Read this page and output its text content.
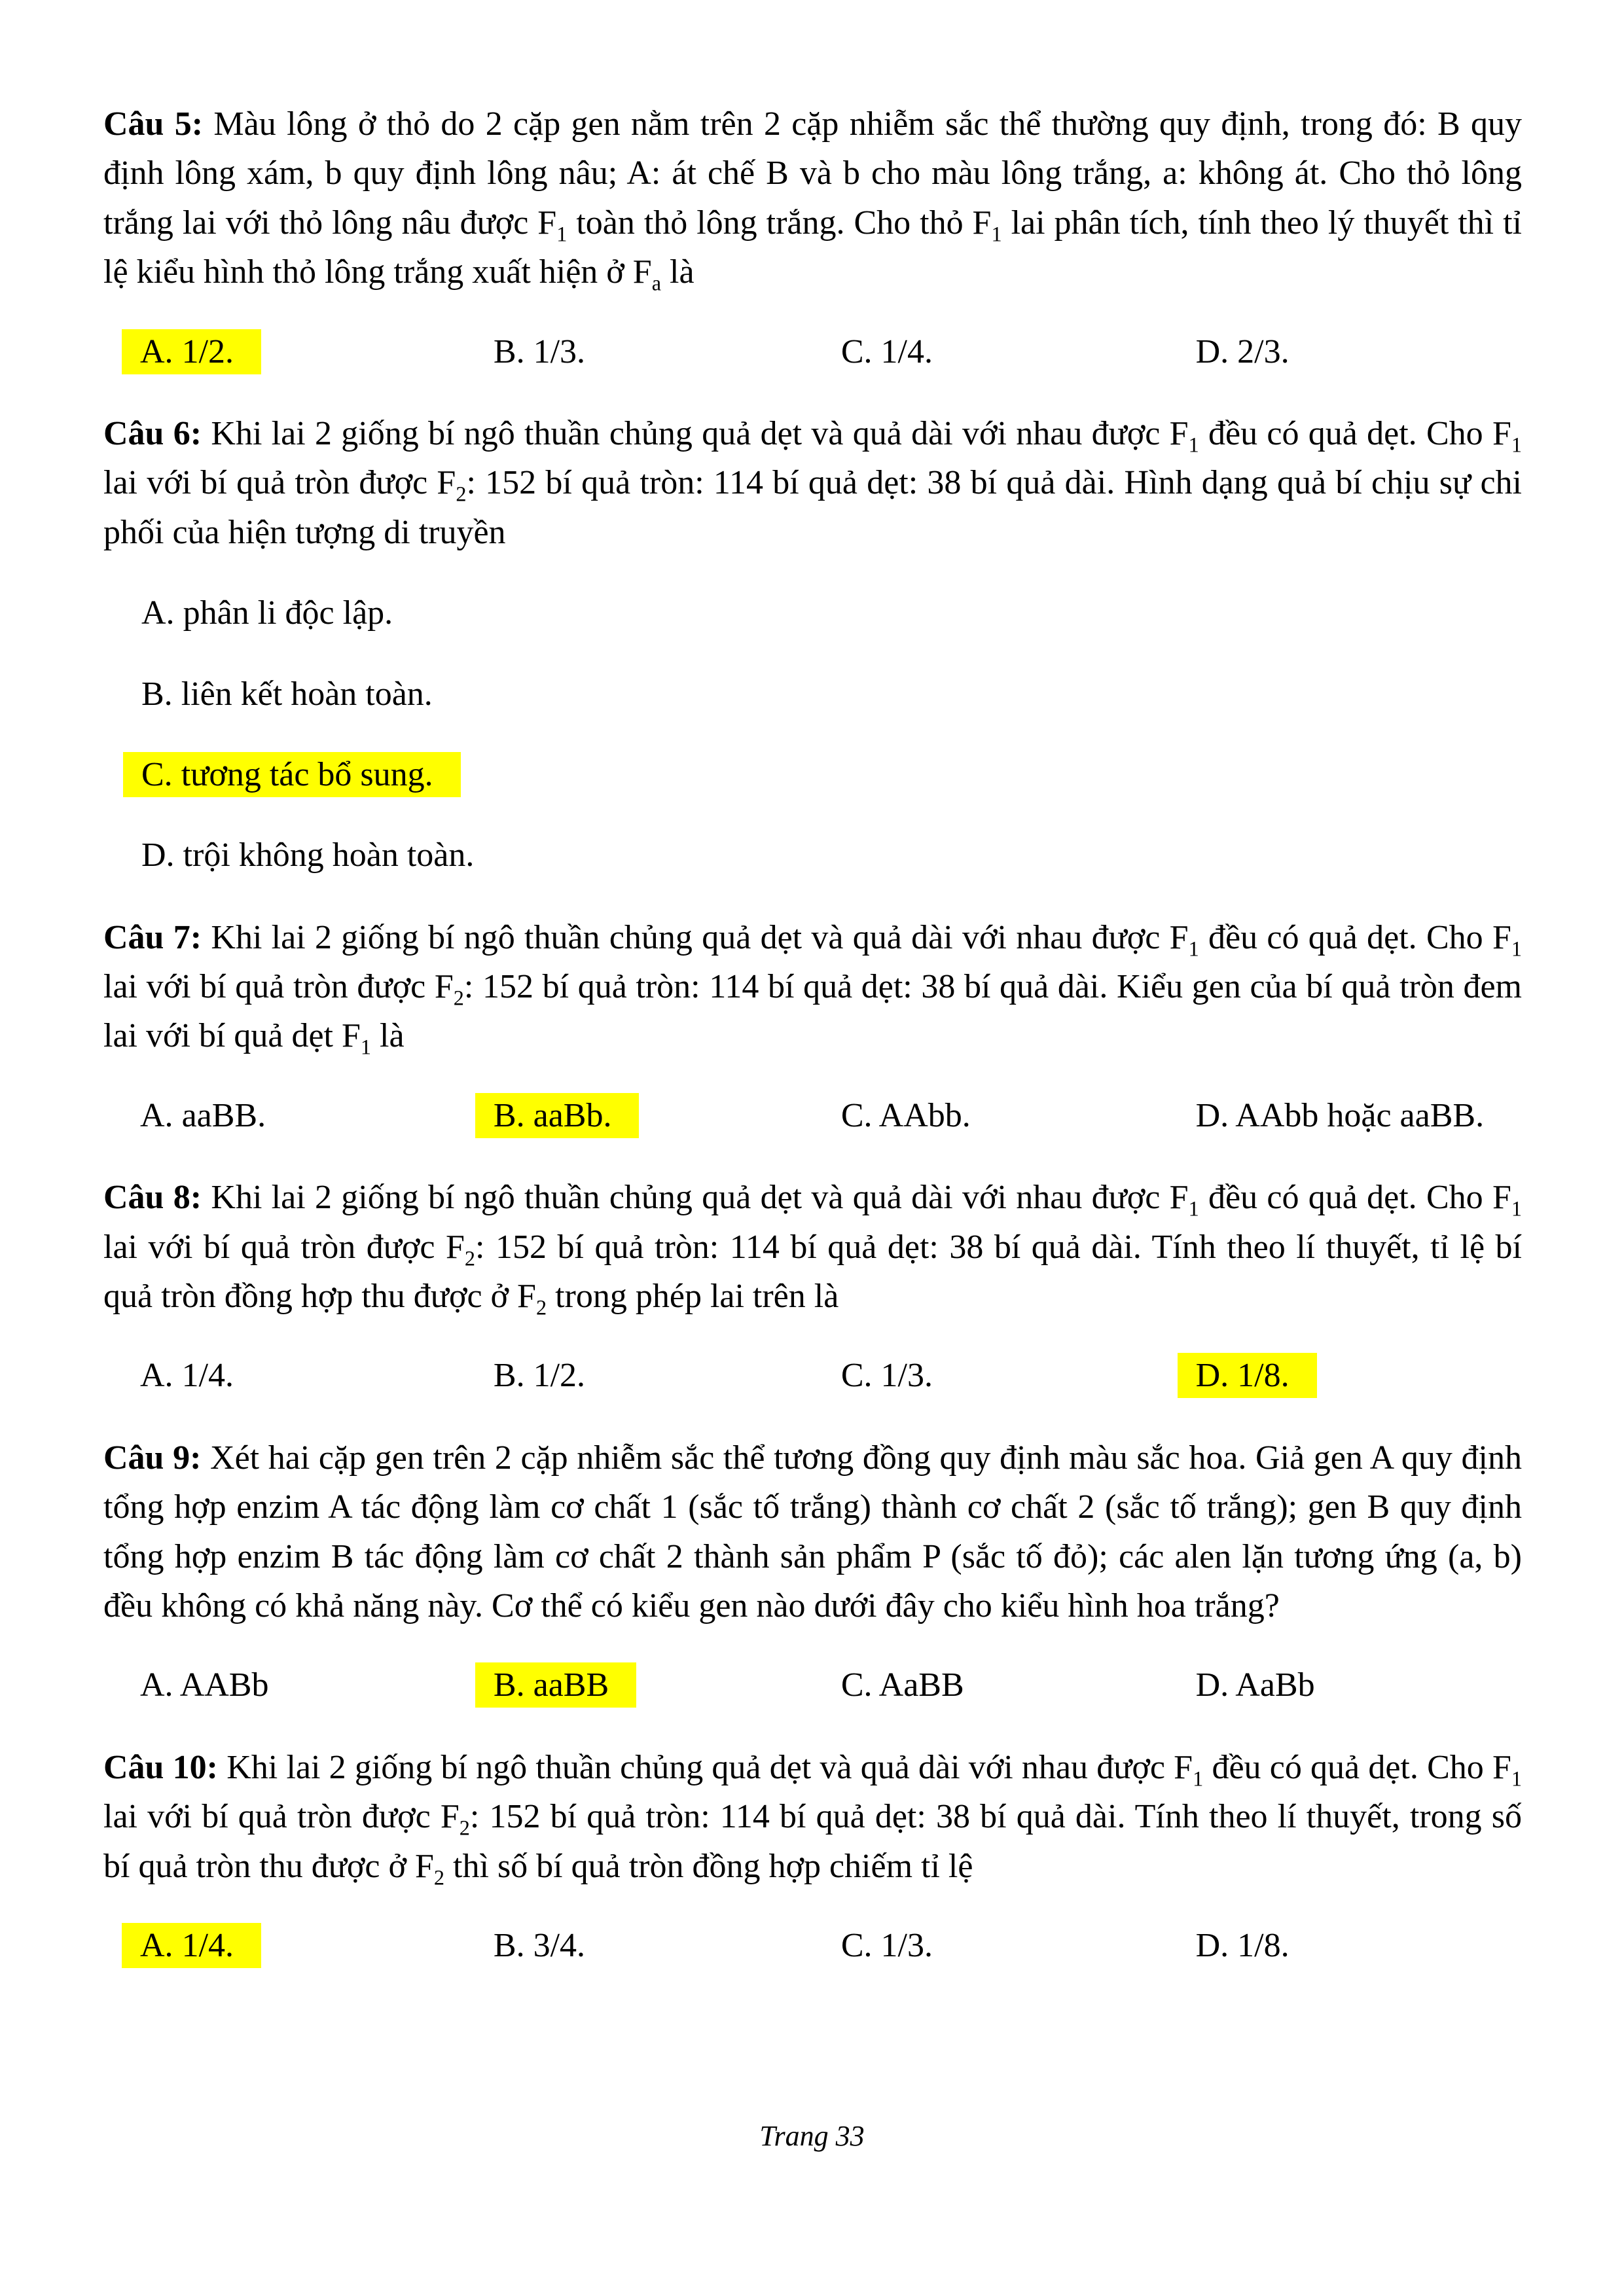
Câu 5: Màu lông ở thỏ do 2 cặp gen nằm trên 2 cặp nhiễm sắc thể thường quy định, trong đó: B quy định lông xám, b quy định lông nâu; A: át chế B và b cho màu lông trắng, a: không át. Cho thỏ lông trắng lai với thỏ lông nâu được $F_1$ toàn thỏ lông trắng. Cho thỏ $F_1$ lai phân tích, tính theo lý thuyết thì tỉ lệ kiểu hình thỏ lông trắng xuất hiện ở $F_a$ là

A. 1/2.	B. 1/3.	C. 1/4.	D. 2/3.

Câu 6: Khi lai 2 giống bí ngô thuần chủng quả dẹt và quả dài với nhau được $F_1$ đều có quả dẹt. Cho $F_1$ lai với bí quả tròn được $F_2$: 152 bí quả tròn: 114 bí quả dẹt: 38 bí quả dài. Hình dạng quả bí chịu sự chi phối của hiện tượng di truyền

A. phân li độc lập.
B. liên kết hoàn toàn.
C. tương tác bổ sung.
D. trội không hoàn toàn.

Câu 7: Khi lai 2 giống bí ngô thuần chủng quả dẹt và quả dài với nhau được $F_1$ đều có quả dẹt. Cho $F_1$ lai với bí quả tròn được $F_2$: 152 bí quả tròn: 114 bí quả dẹt: 38 bí quả dài. Kiểu gen của bí quả tròn đem lai với bí quả dẹt $F_1$ là

A. aaBB.	B. aaBb.	C. AAbb.	D. AAbb hoặc aaBB.

Câu 8: Khi lai 2 giống bí ngô thuần chủng quả dẹt và quả dài với nhau được $F_1$ đều có quả dẹt. Cho $F_1$ lai với bí quả tròn được $F_2$: 152 bí quả tròn: 114 bí quả dẹt: 38 bí quả dài. Tính theo lí thuyết, tỉ lệ bí quả tròn đồng hợp thu được ở $F_2$ trong phép lai trên là

A. 1/4.	B. 1/2.	C. 1/3.	D. 1/8.

Câu 9: Xét hai cặp gen trên 2 cặp nhiễm sắc thể tương đồng quy định màu sắc hoa. Giả gen A quy định tổng hợp enzim A tác động làm cơ chất 1 (sắc tố trắng) thành cơ chất 2 (sắc tố trắng); gen B quy định tổng hợp enzim B tác động làm cơ chất 2 thành sản phẩm P (sắc tố đỏ); các alen lặn tương ứng (a, b) đều không có khả năng này. Cơ thể có kiểu gen nào dưới đây cho kiểu hình hoa trắng?

A. AABb	B. aaBB	C. AaBB	D. AaBb

Câu 10: Khi lai 2 giống bí ngô thuần chủng quả dẹt và quả dài với nhau được $F_1$ đều có quả dẹt. Cho $F_1$ lai với bí quả tròn được $F_2$: 152 bí quả tròn: 114 bí quả dẹt: 38 bí quả dài. Tính theo lí thuyết, trong số bí quả tròn thu được ở $F_2$ thì số bí quả tròn đồng hợp chiếm tỉ lệ

A. 1/4.	B. 3/4.	C. 1/3.	D. 1/8.
Trang 33
